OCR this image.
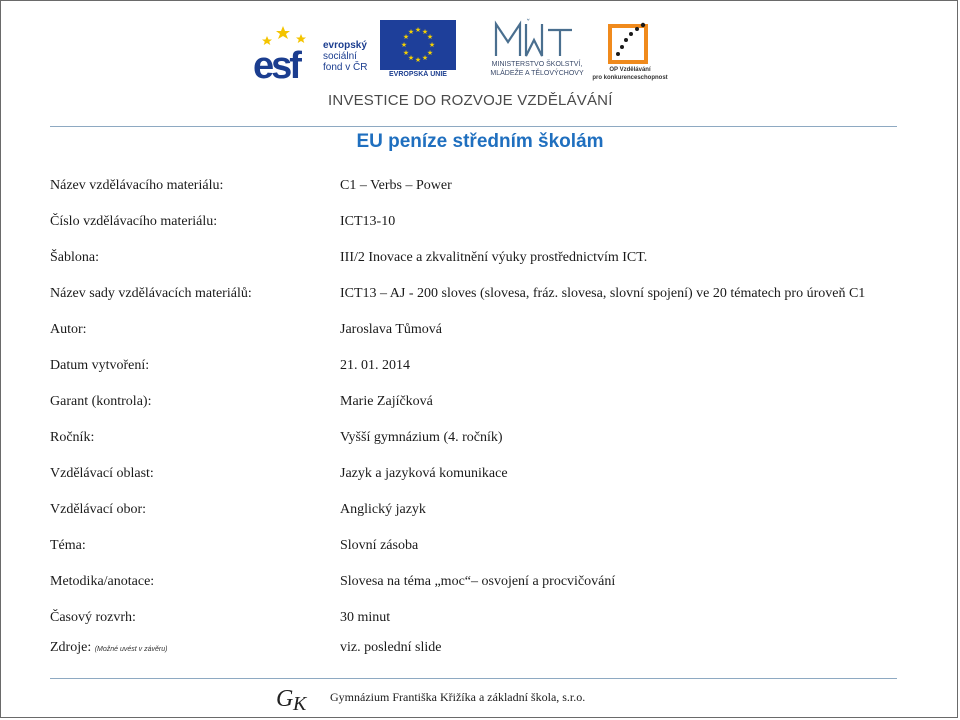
esf	evropský
sociální
fond v ČR
★ ★
★
★
★
★
★
★
★
★
★
★
EVROPSKÁ UNIE
ˇ
MINISTERSTVO ŠKOLSTVÍ,
MLÁDEŽE A TĚLOVÝCHOVY	OP Vzdělávání
pro konkurenceschopnost
INVESTICE DO ROZVOJE VZDĚLÁVÁNÍ
EU peníze středním školám
Název vzdělávacího materiálu:	C1 – Verbs – Power
Číslo vzdělávacího materiálu:	ICT13-10
Šablona:	III/2 Inovace a zkvalitnění výuky prostřednictvím ICT.
Název sady vzdělávacích materiálů:	ICT13 – AJ - 200 sloves (slovesa, fráz. slovesa, slovní spojení) ve 20 tématech pro úroveň C1
Autor:	Jaroslava Tůmová
Datum vytvoření:	21. 01. 2014
Garant (kontrola):	Marie Zajíčková
Ročník:	Vyšší gymnázium (4. ročník)
Vzdělávací oblast:	Jazyk a jazyková komunikace
Vzdělávací obor:	Anglický jazyk
Téma:	Slovní zásoba
Metodika/anotace:	Slovesa na téma „moc“– osvojení a procvičování
Časový rozvrh:	30 minut
Zdroje: (Možné uvést v závěru)	viz. poslední slide
G K Gymnázium Františka Křižíka a základní škola, s.r.o.
